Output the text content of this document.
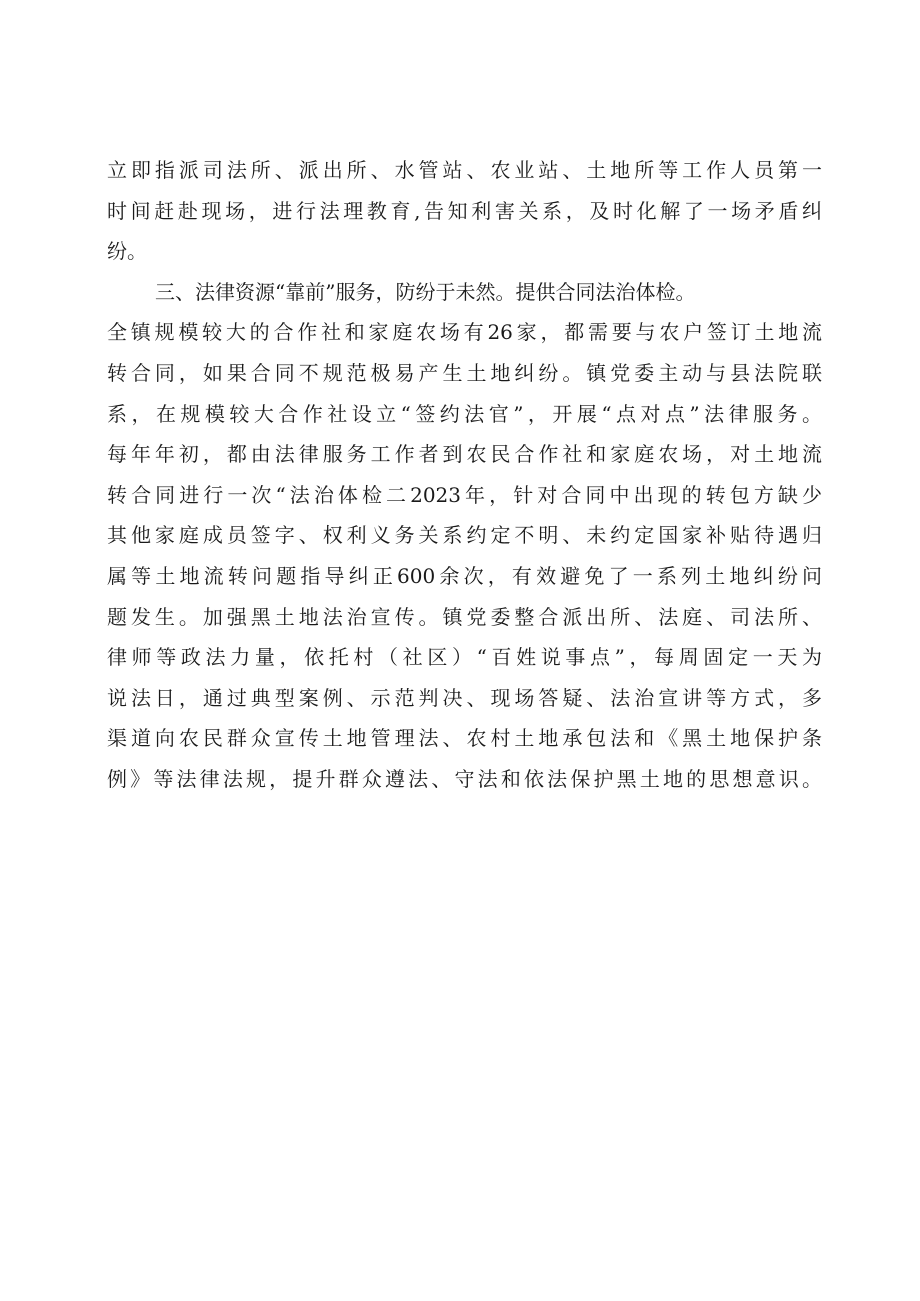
立即指派司法所、派出所、水管站、农业站、土地所等工作人员第一
时间赶赴现场，进行法理教育,告知利害关系，及时化解了一场矛盾纠
纷。
三、法律资源“靠前”服务，防纷于未然。提供合同法治体检。
全镇规模较大的合作社和家庭农场有26家，都需要与农户签订土地流
转合同，如果合同不规范极易产生土地纠纷。镇党委主动与县法院联
系，在规模较大合作社设立“签约法官”，开展“点对点”法律服务。
每年年初，都由法律服务工作者到农民合作社和家庭农场，对土地流
转合同进行一次“法治体检二2023年，针对合同中出现的转包方缺少
其他家庭成员签字、权利义务关系约定不明、未约定国家补贴待遇归
属等土地流转问题指导纠正600余次，有效避免了一系列土地纠纷问
题发生。加强黑土地法治宣传。镇党委整合派出所、法庭、司法所、
律师等政法力量，依托村（社区）“百姓说事点”，每周固定一天为
说法日，通过典型案例、示范判决、现场答疑、法治宣讲等方式，多
渠道向农民群众宣传土地管理法、农村土地承包法和《黑土地保护条
例》等法律法规，提升群众遵法、守法和依法保护黑土地的思想意识。
